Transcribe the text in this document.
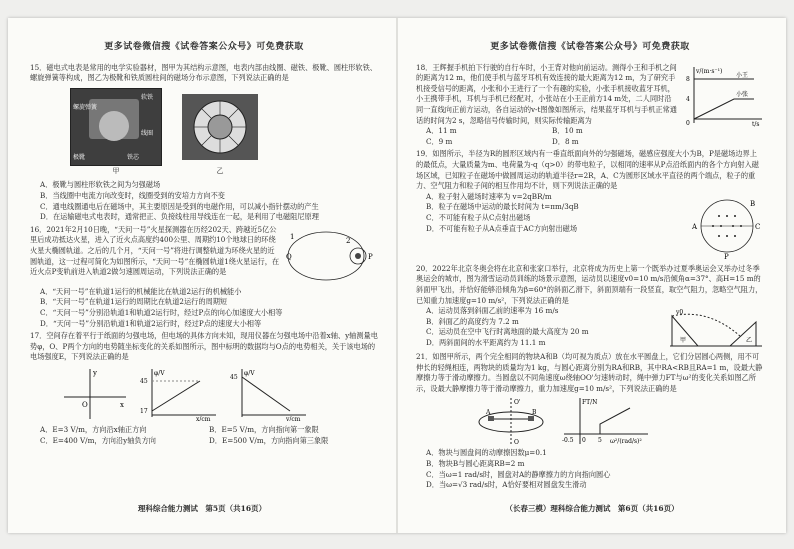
更多试卷微信搜《试卷答案公众号》可免费获取
15．磁电式电表是常用的电学实验器材，图甲为其结构示意图，电表内部由线圈、磁铁、极靴、圆柱形软铁、螺旋弹簧等构成，图乙为极靴和铁质圆柱间的磁场分布示意图，下列说法正确的是
螺旋弹簧
软铁
线圈
极靴	铁芯
甲	乙
A．极靴与圆柱形软铁之间为匀强磁场
B．当线圈中电流方向改变时，线圈受到的安培力方向不变
C．通电线圈通电后在磁场中，其主要原因是受到的电磁作用，可以减小指针摆动的产生
D．在运输磁电式电表时，通常把正、负接线柱用导线连在一起，是利用了电磁阻尼原理
1	2
P
Q
16．2021年2月10日晚，“天问一号”火星探测器在历经202天、跨越近5亿公里后成功抵达火星，进入了近火点高度约400公里、周期约10个地球日的环绕火星大椭圆轨道。之后的几个月，“天问一号”将进行调整轨道为环绕火星的近圆轨道，这一过程可简化为如图所示，“天问一号”在椭圆轨道1绕火星运行，在近火点P变轨前进入轨道2做匀速圆周运动，下列说法正确的是
A．“天问一号”在轨道1运行的机械能比在轨道2运行的机械能小
B．“天问一号”在轨道1运行的周期比在轨道2运行的周期短
C．“天问一号”分别沿轨道1和轨道2运行时，经过P点的向心加速度大小相等
D．“天问一号”分别沿轨道1和轨道2运行时，经过P点的速度大小相等
17．空间存在着平行于纸面的匀强电场，但电场的具体方向未知，现用仪器在匀强电场中沿着x轴、y轴测量电势φ，O、P两个方向的电势随坐标变化的关系如图所示，图中标明的数据均与O点的电势相关，关于该电场的电场强度E，下列说法正确的是
x
y
O
45
17
φ/V
x/cm
45
φ/V
y/cm
A．E=3 V/m，方向沿x轴正方向	B．E=5 V/m，方向指向第一象限
C．E=400 V/m，方向沿y轴负方向	D．E=500 V/m，方向指向第三象限
理科综合能力测试　第5页（共16页）
更多试卷微信搜《试卷答案公众号》可免费获取
v/(m·s⁻¹)
小王
小张
t/s
8
4
0
18．王辉握手机拍下行驶的自行车时，小王背对他向前运动。测得小王和手机之间的距离为12 m，他们使手机与蓝牙耳机有效连接的最大距离为12 m，为了研究手机接受信号的距离，小张和小王进行了一个有趣的实验，小张手机接收蓝牙耳机，小王携带手机，耳机与手机已经配对，小张站在小王正前方14 m处，二人同时沿同一直线向正前方运动，各自运动的v-t图像如图所示，结果蓝牙耳机与手机正常通话的时间为2 s，忽略信号传输时间，则实际传输距离为
A．11 m	B．10 m
C．9 m	D．8 m
19．如图所示，半径为R的圆形区域内有一垂直纸面向外的匀强磁场，磁感应强度大小为B，P是磁场边界上的最低点，大量质量为m、电荷量为-q（q>0）的带电粒子，以相同的速率从P点沿纸面内的各个方向射入磁场区域，已知粒子在磁场中做圆周运动的轨道半径r=2R，A、C为圆形区域水平直径的两个端点，粒子的重力、空气阻力和粒子间的相互作用均不计，则下列说法正确的是
A	C
P
B
A．粒子射入磁场时速率为 v=2qBR/m
B．粒子在磁场中运动的最长时间为 t=πm/3qB
C．不可能有粒子从C点射出磁场
D．不可能有粒子从A点垂直于AC方向射出磁场
20．2022年北京冬奥会将在北京和张家口举行，北京将成为历史上第一个既举办过夏季奥运会又举办过冬季奥运会的城市，图为滑雪运动员训练的场景示意图，运动员以速度v0=10 m/s沿倾角α=37°、高H=15 m的斜面甲飞出，并恰好能够沿倾角为β=60°的斜面乙滑下，斜面顶端有一段竖直，取空气阻力，忽略空气阻力，已知重力加速度g=10 m/s²，下列说法正确的是
甲	乙
v0
A．运动员落到斜面乙前的速率为 16 m/s
B．斜面乙的高度约为 7.2 m
C．运动员在空中飞行时离地面的最大高度为 20 m
D．两斜面间的水平距离约为 11.1 m
21．如图甲所示，两个完全相同的物块A和B（均可视为质点）放在水平圆盘上，它们分居圆心两侧，用不可伸长的轻绳相连，两物块的质量均为1 kg，与圆心距离分别为RA和RB，其中RA<RB且RA=1 m，设最大静摩擦力等于滑动摩擦力。当圆盘以不同角速度ω绕轴OO'匀速转动时，绳中弹力FT与ω²的变化关系如图乙所示，设最大静摩擦力等于滑动摩擦力，重力加速度g=10 m/s²，下列说法正确的是
O'
O
A	B
FT/N
ω²/(rad/s)²
-0.5 0 5
A．物块与圆盘间的动摩擦因数μ=0.1
B．物块B与圆心距离RB=2 m
C．当ω=1 rad/s时，圆盘对A的静摩擦力的方向指向圆心
D．当ω=√3 rad/s时，A恰好要相对圆盘发生滑动
（长春三模）理科综合能力测试　第6页（共16页）
